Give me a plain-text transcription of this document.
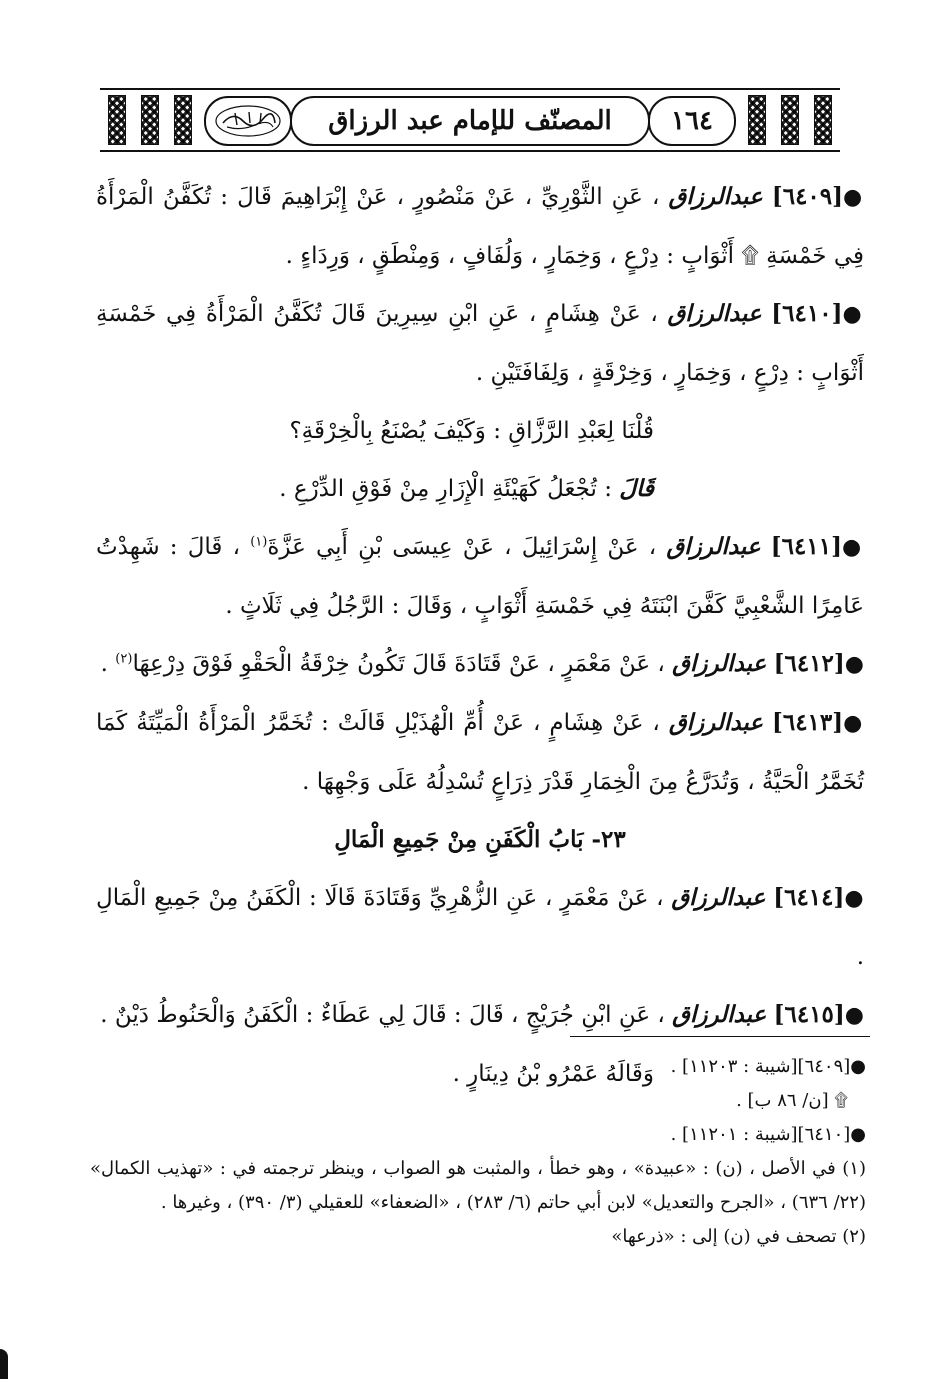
١٦٤
المصنّف للإمام عبد الرزاق

●[٦٤٠٩] عبدالرزاق ، عَنِ الثَّوْرِيِّ ، عَنْ مَنْصُورٍ ، عَنْ إِبْرَاهِيمَ قَالَ : تُكَفَّنُ الْمَرْأَةُ فِي خَمْسَةِ ۩ أَثْوَابٍ : دِرْعٍ ، وَخِمَارٍ ، وَلُفَافٍ ، وَمِنْطَقٍ ، وَرِدَاءٍ .

●[٦٤١٠] عبدالرزاق ، عَنْ هِشَامٍ ، عَنِ ابْنِ سِيرِينَ قَالَ تُكَفَّنُ الْمَرْأَةُ فِي خَمْسَةِ أَثْوَابٍ : دِرْعٍ ، وَخِمَارٍ ، وَخِرْقَةٍ ، وَلِفَافَتَيْنِ .

قُلْنَا لِعَبْدِ الرَّزَّاقِ : وَكَيْفَ يُصْنَعُ بِالْخِرْقَةِ؟

قَالَ : تُجْعَلُ كَهَيْئَةِ الْإِزَارِ مِنْ فَوْقِ الدِّرْعِ .

●[٦٤١١] عبدالرزاق ، عَنْ إِسْرَائِيلَ ، عَنْ عِيسَى بْنِ أَبِي عَزَّةَ$^{(١)}$ ، قَالَ : شَهِدْتُ عَامِرًا الشَّعْبِيَّ كَفَّنَ ابْنَتَهُ فِي خَمْسَةِ أَثْوَابٍ ، وَقَالَ : الرَّجُلُ فِي ثَلَاثٍ .

●[٦٤١٢] عبدالرزاق ، عَنْ مَعْمَرٍ ، عَنْ قَتَادَةَ قَالَ تَكُونُ خِرْقَةُ الْحَقْوِ فَوْقَ دِرْعِهَا$^{(٢)}$ .

●[٦٤١٣] عبدالرزاق ، عَنْ هِشَامٍ ، عَنْ أُمِّ الْهُذَيْلِ قَالَتْ : تُخَمَّرُ الْمَرْأَةُ الْمَيِّتَةُ كَمَا تُخَمَّرُ الْحَيَّةُ ، وَتُدَرَّعُ مِنَ الْخِمَارِ قَدْرَ ذِرَاعٍ تُسْدِلُهُ عَلَى وَجْهِهَا .

٢٣- بَابُ الْكَفَنِ مِنْ جَمِيعِ الْمَالِ

●[٦٤١٤] عبدالرزاق ، عَنْ مَعْمَرٍ ، عَنِ الزُّهْرِيِّ وَقَتَادَةَ قَالَا : الْكَفَنُ مِنْ جَمِيعِ الْمَالِ .

●[٦٤١٥] عبدالرزاق ، عَنِ ابْنِ جُرَيْجٍ ، قَالَ : قَالَ لِي عَطَاءٌ : الْكَفَنُ وَالْحَنُوطُ دَيْنٌ .

وَقَالَهُ عَمْرُو بْنُ دِينَارٍ .	●[٦٤٠٩][شيبة : ١١٢٠٣] .

۩ [ن/ ٨٦ ب] .

●[٦٤١٠][شيبة : ١١٢٠١] .

(١) في الأصل ، (ن) : «عبيدة» ، وهو خطأ ، والمثبت هو الصواب ، وينظر ترجمته في : «تهذيب الكمال» (٢٢/ ٦٣٦) ، «الجرح والتعديل» لابن أبي حاتم (٦/ ٢٨٣) ، «الضعفاء» للعقيلي (٣/ ٣٩٠) ، وغيرها .

(٢) تصحف في (ن) إلى : «ذرعها»
